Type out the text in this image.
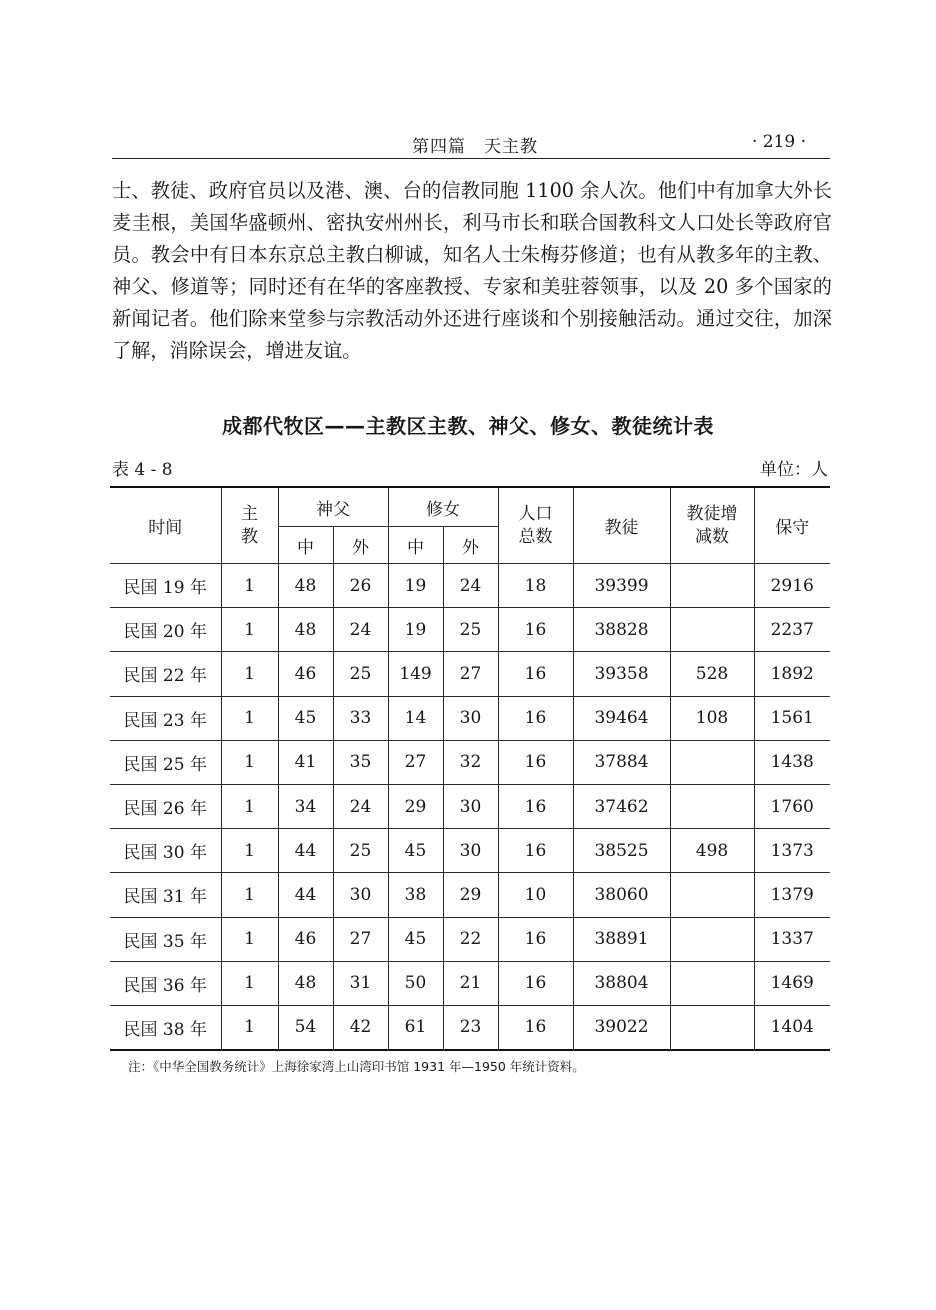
第四篇　天主教	· 219 ·

士、教徒、政府官员以及港、澳、台的信教同胞 1100 余人次。他们中有加拿大外长麦圭根，美国华盛顿州、密执安州州长，利马市长和联合国教科文人口处长等政府官员。教会中有日本东京总主教白柳诚，知名人士朱梅芬修道；也有从教多年的主教、神父、修道等；同时还有在华的客座教授、专家和美驻蓉领事，以及 20 多个国家的新闻记者。他们除来堂参与宗教活动外还进行座谈和个别接触活动。通过交往，加深了解，消除误会，增进友谊。

成都代牧区——主教区主教、神父、修女、教徒统计表
表 4 - 8	单位：人
时间	主教	神父		修女		人口总数	教徒	教徒增减数	保守
		中	外	中	外				
民国 19 年	1	48	26	19	24	18	39399		2916
民国 20 年	1	48	24	19	25	16	38828		2237
民国 22 年	1	46	25	149	27	16	39358	528	1892
民国 23 年	1	45	33	14	30	16	39464	108	1561
民国 25 年	1	41	35	27	32	16	37884		1438
民国 26 年	1	34	24	29	30	16	37462		1760
民国 30 年	1	44	25	45	30	16	38525	498	1373
民国 31 年	1	44	30	38	29	10	38060		1379
民国 35 年	1	46	27	45	22	16	38891		1337
民国 36 年	1	48	31	50	21	16	38804		1469
民国 38 年	1	54	42	61	23	16	39022		1404
注：《中华全国教务统计》上海徐家湾上山湾印书馆 1931 年—1950 年统计资料。
